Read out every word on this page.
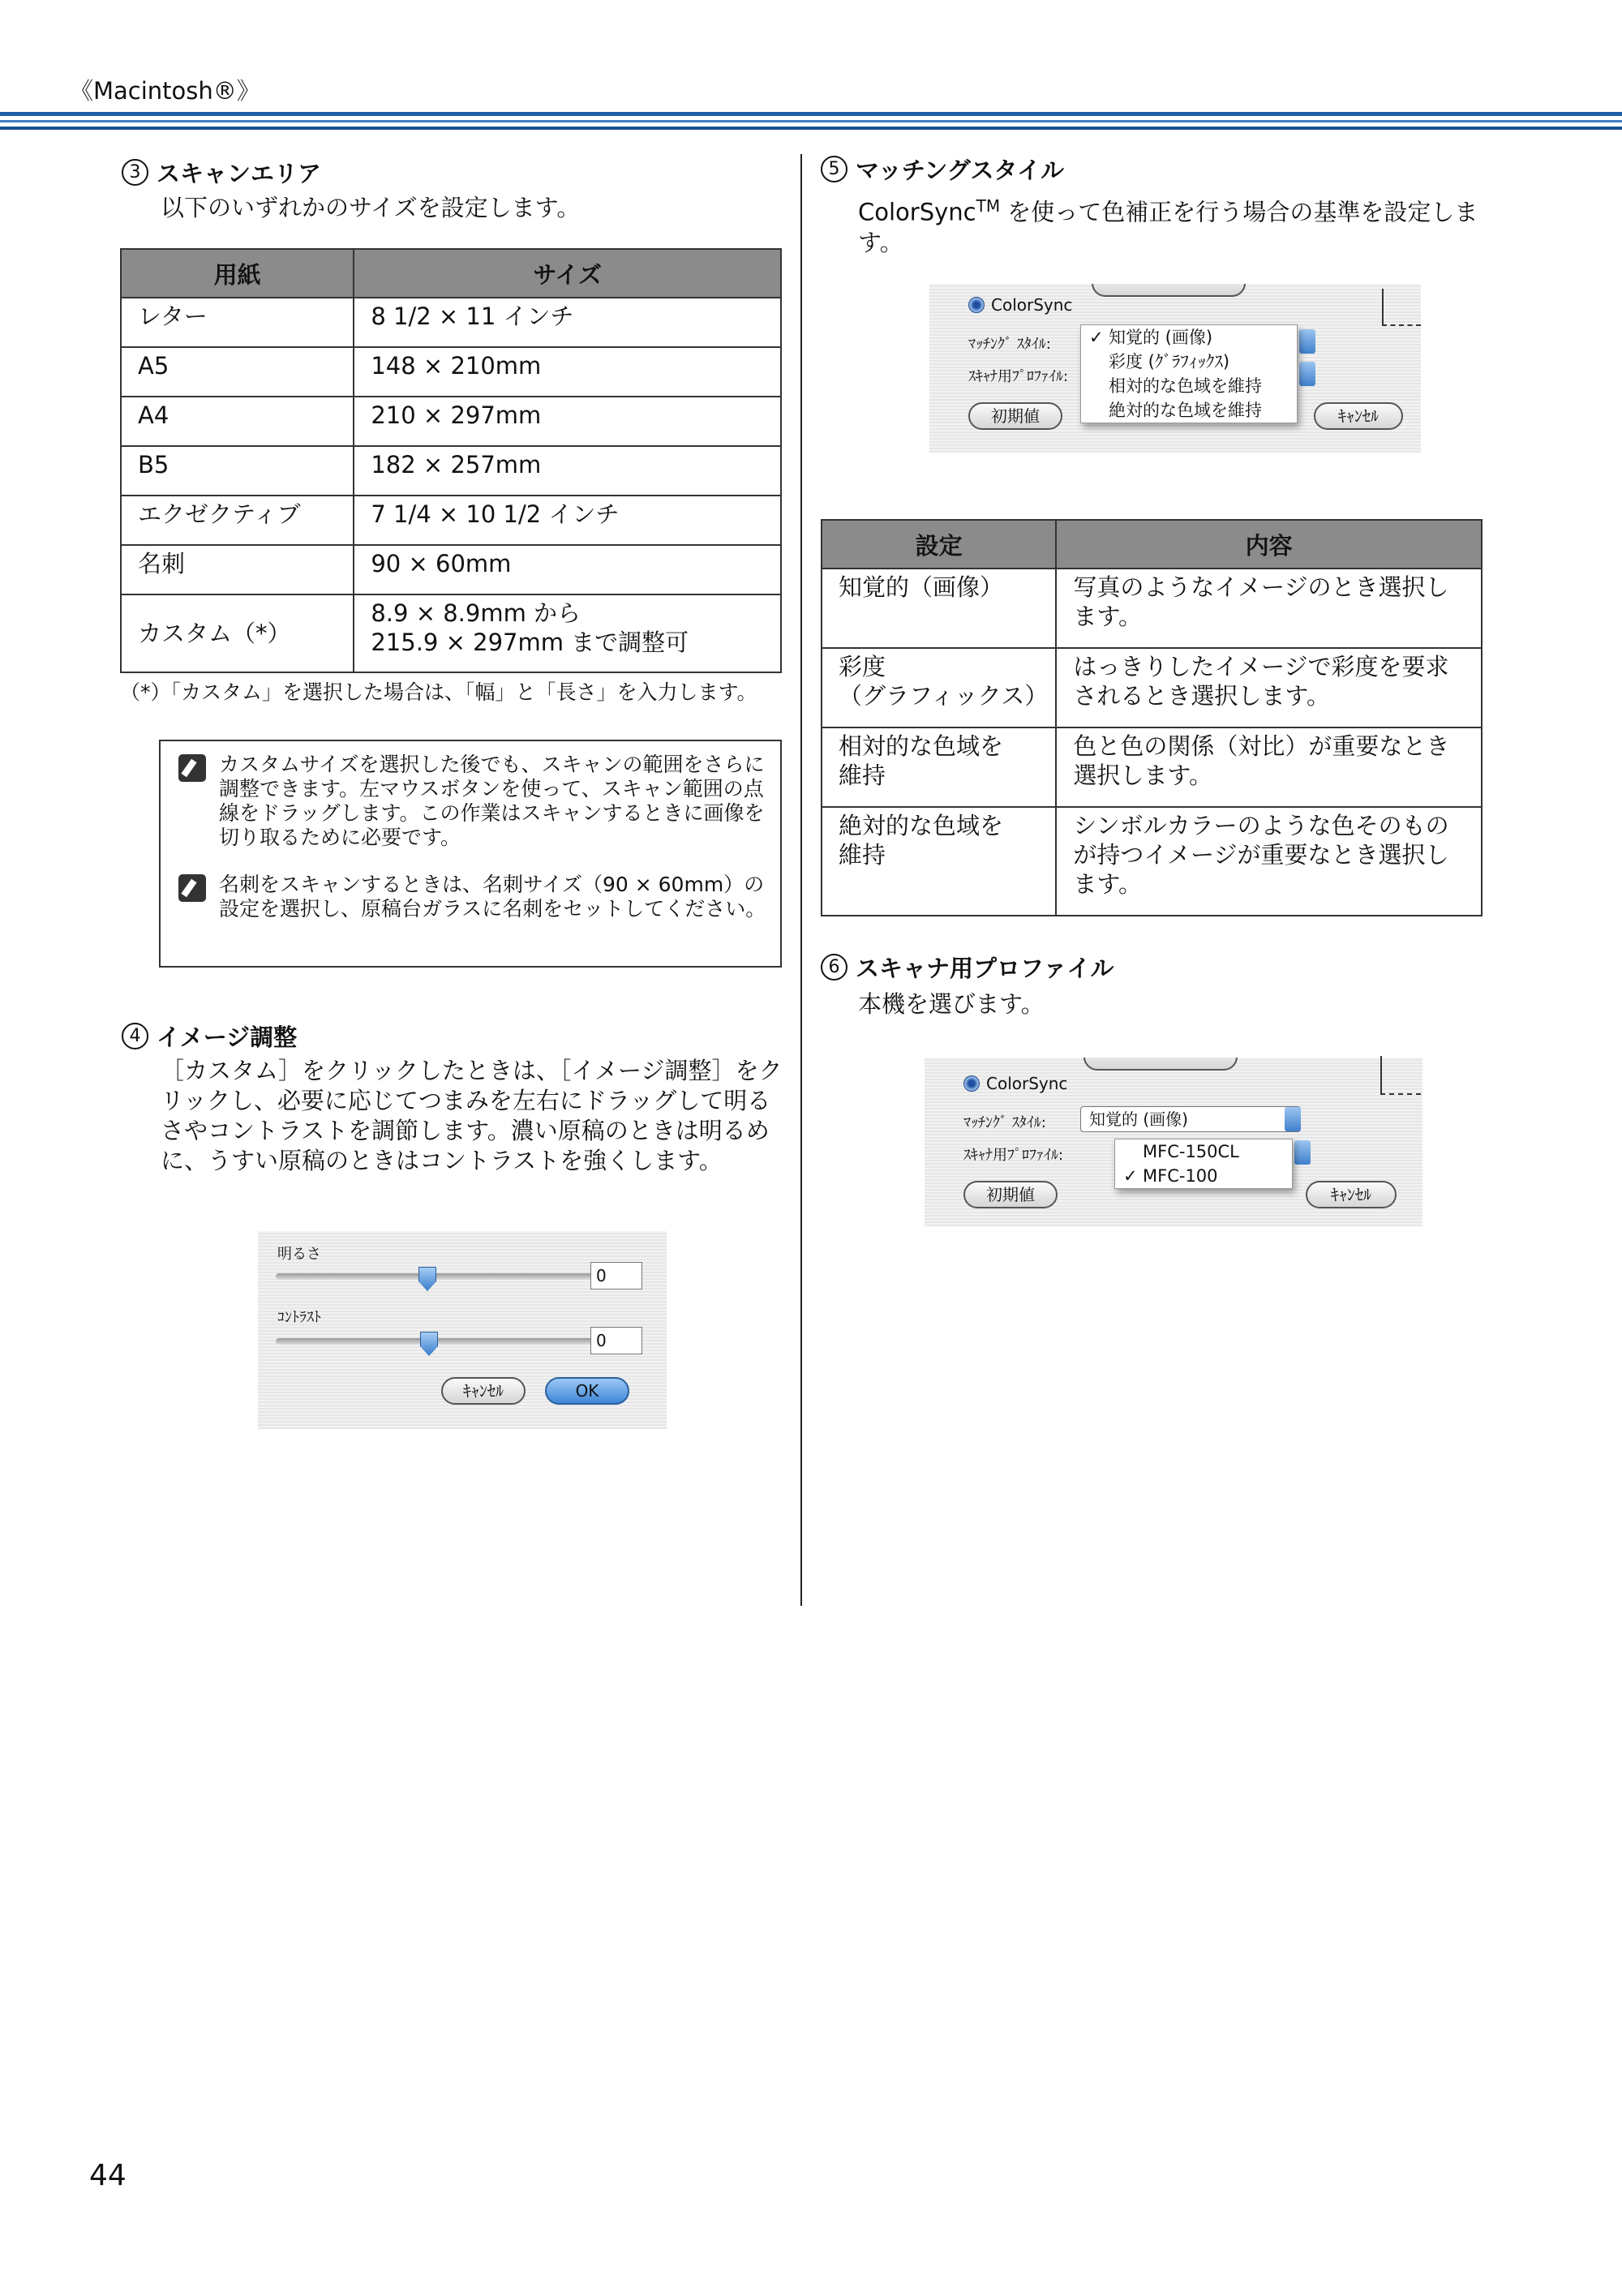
《Macintosh®》
3 スキャンエリア
以下のいずれかのサイズを設定します。
用紙	サイズ
レター	8 1/2 × 11 インチ
A5	148 × 210mm
A4	210 × 297mm
B5	182 × 257mm
エクゼクティブ	7 1/4 × 10 1/2 インチ
名刺	90 × 60mm
カスタム（*）	8.9 × 8.9mm から
215.9 × 297mm まで調整可
（*）「カスタム」を選択した場合は、「幅」と「長さ」を入力します。
カスタムサイズを選択した後でも、スキャンの範囲をさらに調整できます。左マウスボタンを使って、スキャン範囲の点線をドラッグします。この作業はスキャンするときに画像を切り取るために必要です。
名刺をスキャンするときは、名刺サイズ（90 × 60mm）の設定を選択し、原稿台ガラスに名刺をセットしてください。
4 イメージ調整
［カスタム］をクリックしたときは、［イメージ調整］をクリックし、必要に応じてつまみを左右にドラッグして明るさやコントラストを調節します。濃い原稿のときは明るめに、うすい原稿のときはコントラストを強くします。
明るさ
0
ｺﾝﾄﾗｽﾄ
0
ｷｬﾝｾﾙ	OK
5 マッチングスタイル
ColorSync™ を使って色補正を行う場合の基準を設定します。
ColorSync
ﾏｯﾁﾝｸﾞ ｽﾀｲﾙ:
ｽｷｬﾅ用ﾌﾟﾛﾌｧｲﾙ:
初期値	ｷｬﾝｾﾙ
✓ 知覚的 (画像)
彩度 (ｸﾞﾗﾌｨｯｸｽ)
相対的な色域を維持
絶対的な色域を維持
設定	内容
知覚的（画像）	写真のようなイメージのとき選択します。
彩度
（グラフィックス）	はっきりしたイメージで彩度を要求されるとき選択します。
相対的な色域を
維持	色と色の関係（対比）が重要なとき選択します。
絶対的な色域を
維持	シンボルカラーのような色そのものが持つイメージが重要なとき選択します。
6 スキャナ用プロファイル
本機を選びます。
ColorSync
ﾏｯﾁﾝｸﾞ ｽﾀｲﾙ:	知覚的 (画像)
ｽｷｬﾅ用ﾌﾟﾛﾌｧｲﾙ:
初期値	ｷｬﾝｾﾙ
MFC-150CL
✓ MFC-100
44
